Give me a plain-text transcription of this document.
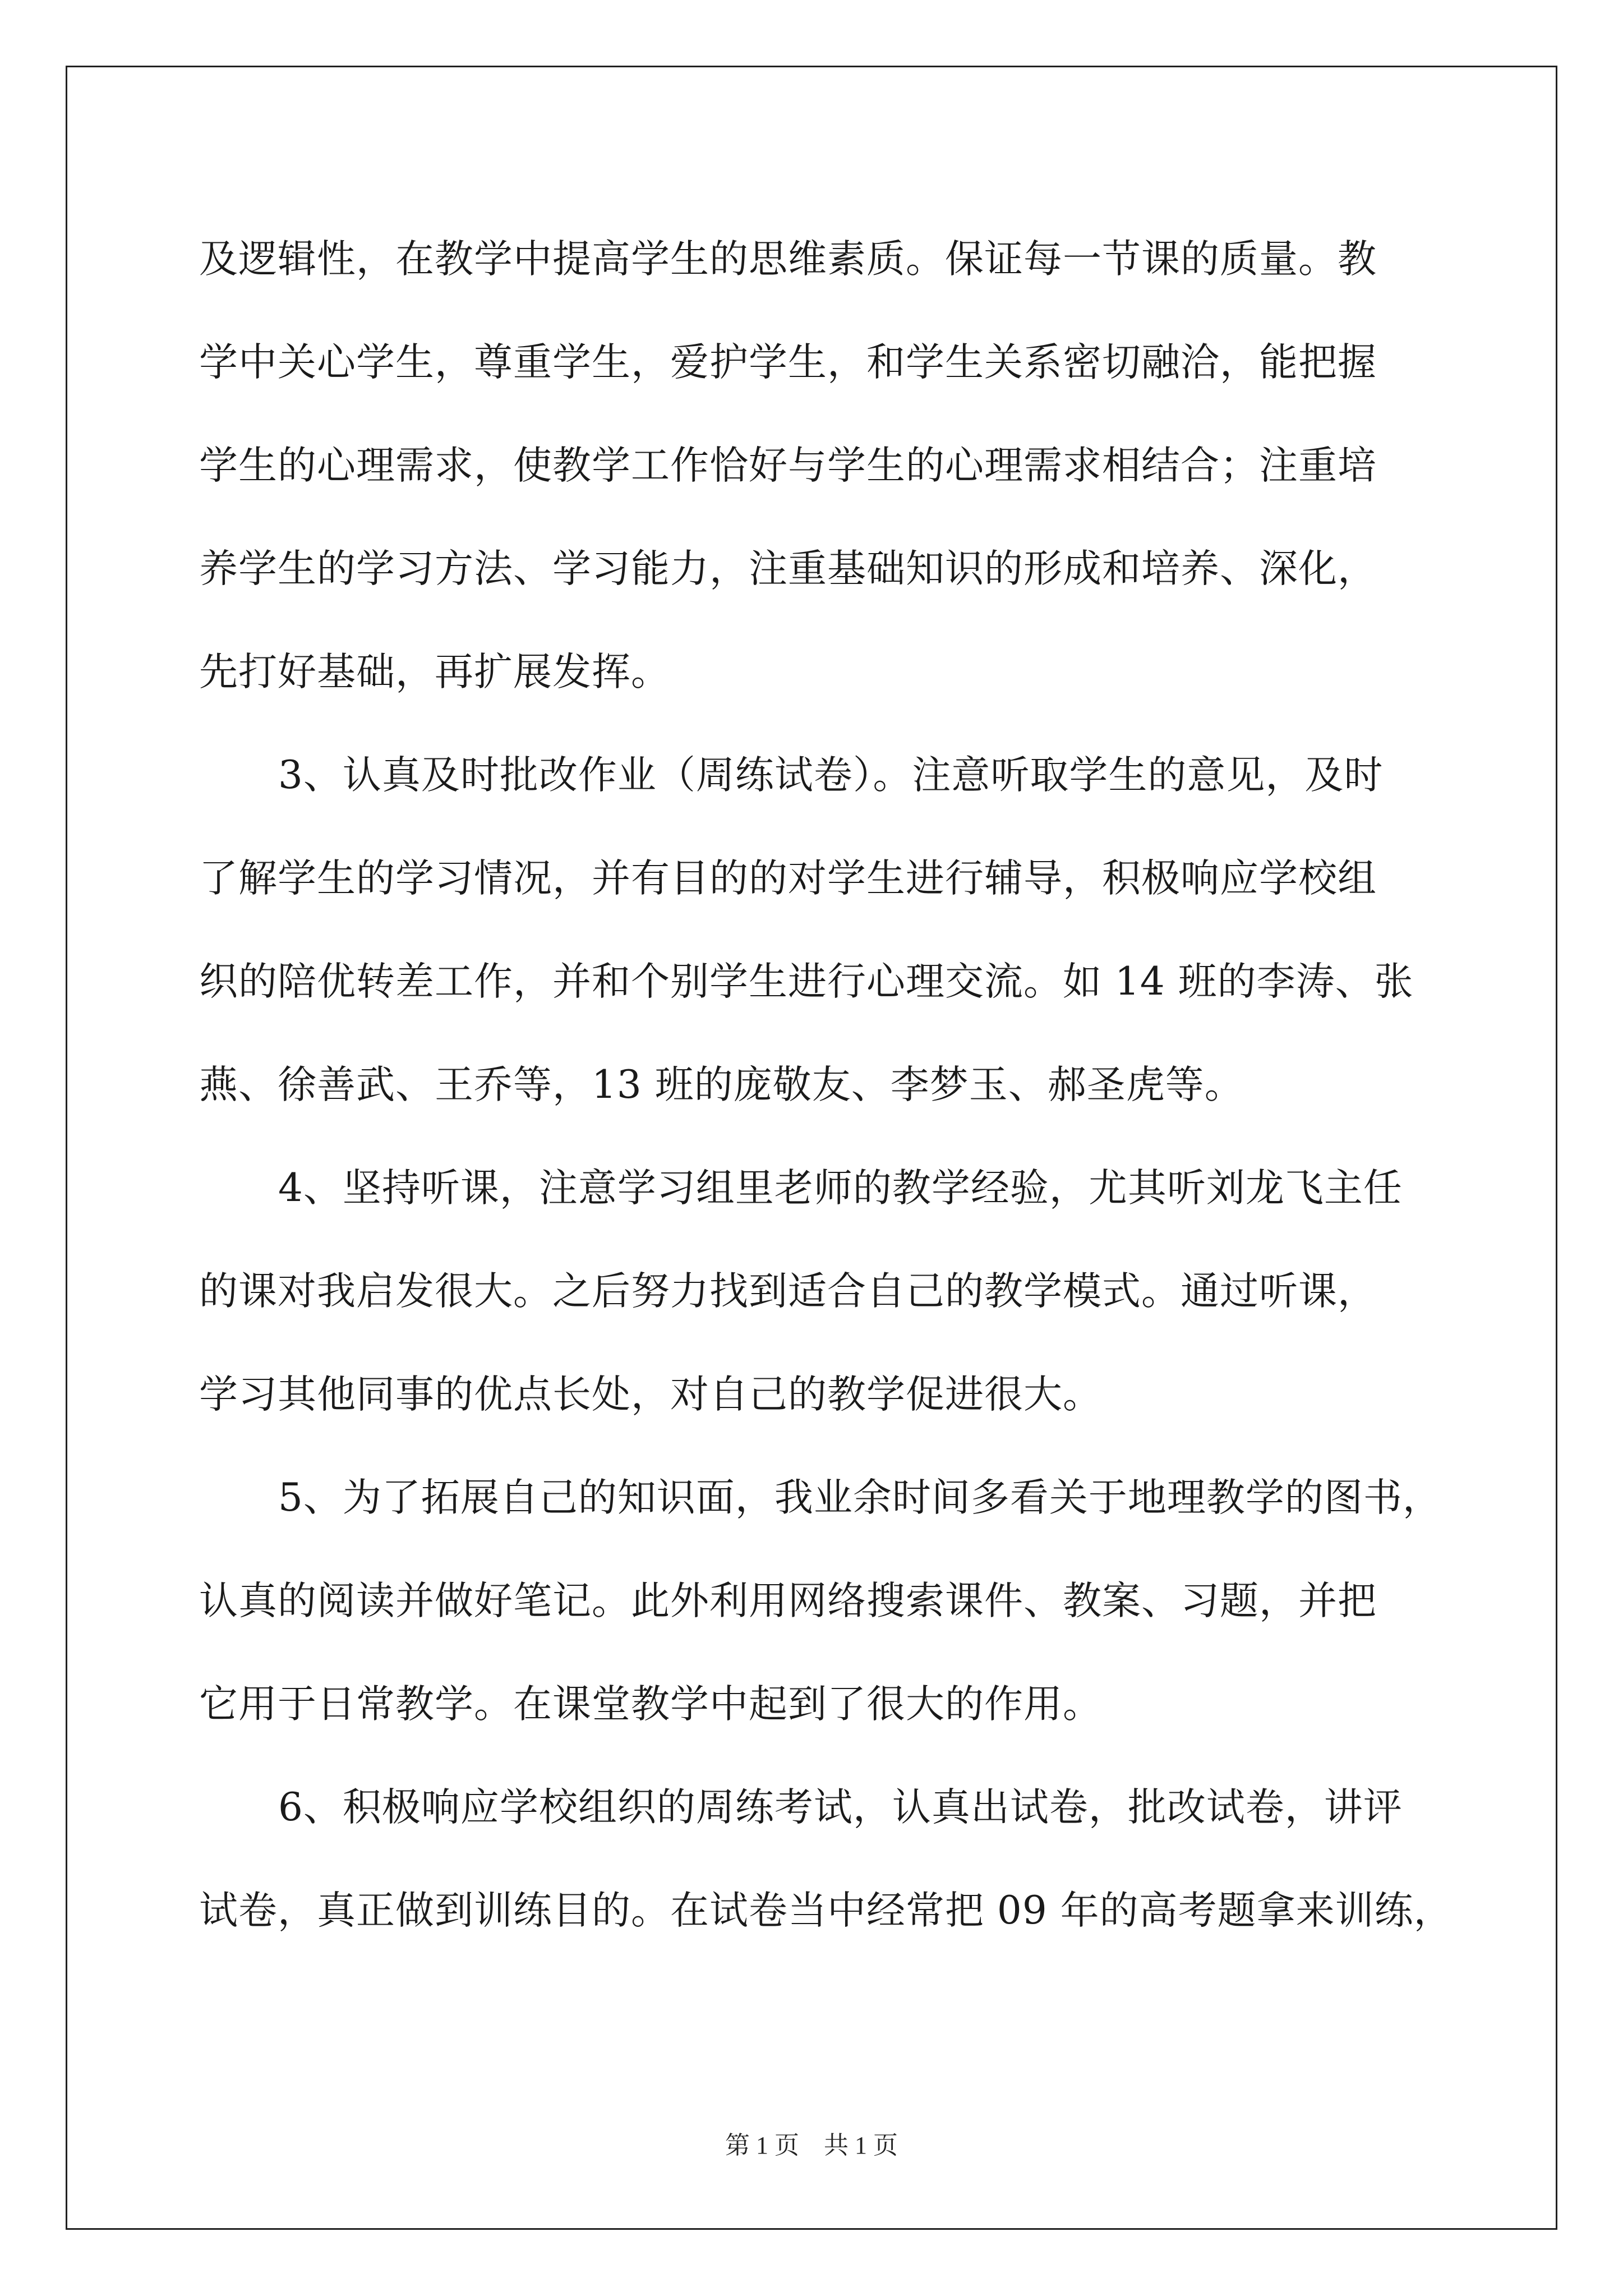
及逻辑性，在教学中提高学生的思维素质。保证每一节课的质量。教
学中关心学生，尊重学生，爱护学生，和学生关系密切融洽，能把握
学生的心理需求，使教学工作恰好与学生的心理需求相结合；注重培
养学生的学习方法、学习能力，注重基础知识的形成和培养、深化，
先打好基础，再扩展发挥。
3、认真及时批改作业（周练试卷）。注意听取学生的意见，及时
了解学生的学习情况，并有目的的对学生进行辅导，积极响应学校组
织的陪优转差工作，并和个别学生进行心理交流。如 14 班的李涛、张
燕、徐善武、王乔等，13 班的庞敬友、李梦玉、郝圣虎等。
4、坚持听课，注意学习组里老师的教学经验，尤其听刘龙飞主任
的课对我启发很大。之后努力找到适合自己的教学模式。通过听课，
学习其他同事的优点长处，对自己的教学促进很大。
5、为了拓展自己的知识面，我业余时间多看关于地理教学的图书，
认真的阅读并做好笔记。此外利用网络搜索课件、教案、习题，并把
它用于日常教学。在课堂教学中起到了很大的作用。
6、积极响应学校组织的周练考试，认真出试卷，批改试卷，讲评
试卷，真正做到训练目的。在试卷当中经常把 09 年的高考题拿来训练，
第 1 页    共 1 页
